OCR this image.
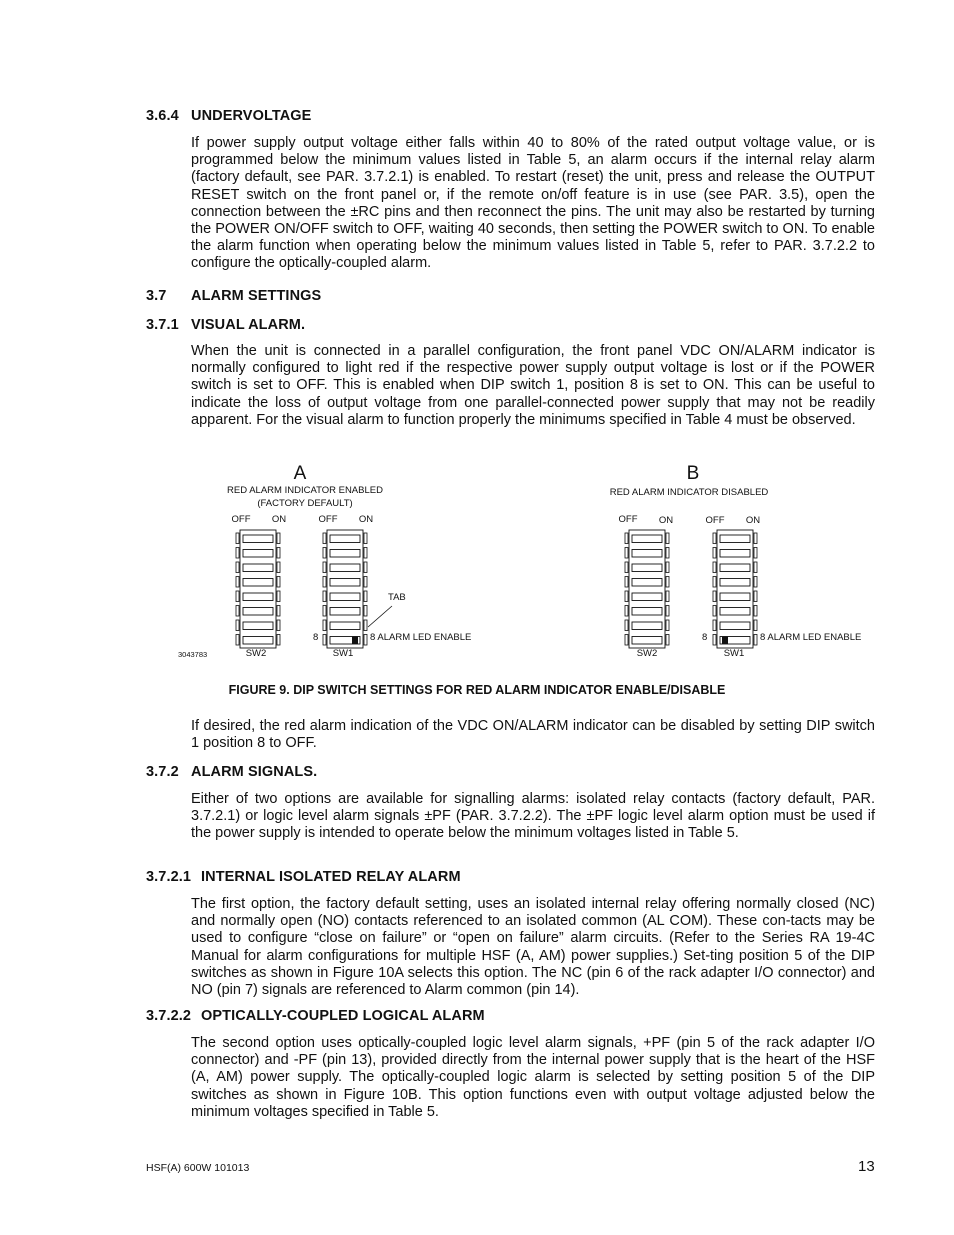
3.6.4 UNDERVOLTAGE

If power supply output voltage either falls within 40 to 80% of the rated output voltage value, or is programmed below the minimum values listed in Table 5, an alarm occurs if the internal relay alarm (factory default, see PAR. 3.7.2.1) is enabled. To restart (reset) the unit, press and release the OUTPUT RESET switch on the front panel or, if the remote on/off feature is in use (see PAR. 3.5), open the connection between the ±RC pins and then reconnect the pins. The unit may also be restarted by turning the POWER ON/OFF switch to OFF, waiting 40 seconds, then setting the POWER switch to ON. To enable the alarm function when operating below the minimum values listed in Table 5, refer to PAR. 3.7.2.2 to configure the optically-coupled alarm.

3.7 ALARM SETTINGS
3.7.1 VISUAL ALARM.

When the unit is connected in a parallel configuration, the front panel VDC ON/ALARM indicator is normally configured to light red if the respective power supply output voltage is lost or if the POWER switch is set to OFF. This is enabled when DIP switch 1, position 8 is set to ON. This can be useful to indicate the loss of output voltage from one parallel-connected power supply that may not be readily apparent. For the visual alarm to function properly the minimums specified in Table 4 must be observed.

A
RED ALARM INDICATOR ENABLED
(FACTORY DEFAULT)
OFF ON	OFF ON
TAB
8	8 ALARM LED ENABLE
3043783	SW2	SW1
B
RED ALARM INDICATOR DISABLED
OFF ON	OFF ON
8	8 ALARM LED ENABLE
SW2	SW1
FIGURE 9. DIP SWITCH SETTINGS FOR RED ALARM INDICATOR ENABLE/DISABLE

If desired, the red alarm indication of the VDC ON/ALARM indicator can be disabled by setting DIP switch 1 position 8 to OFF.

3.7.2 ALARM SIGNALS.

Either of two options are available for signalling alarms: isolated relay contacts (factory default, PAR. 3.7.2.1) or logic level alarm signals ±PF (PAR. 3.7.2.2). The ±PF logic level alarm option must be used if the power supply is intended to operate below the minimum voltages listed in Table 5.

3.7.2.1 INTERNAL ISOLATED RELAY ALARM

The first option, the factory default setting, uses an isolated internal relay offering normally closed (NC) and normally open (NO) contacts referenced to an isolated common (AL COM). These con-tacts may be used to configure “close on failure” or “open on failure” alarm circuits. (Refer to the Series RA 19-4C Manual for alarm configurations for multiple HSF (A, AM) power supplies.) Set-ting position 5 of the DIP switches as shown in Figure 10A selects this option. The NC (pin 6 of the rack adapter I/O connector) and NO (pin 7) signals are referenced to Alarm common (pin 14).

3.7.2.2 OPTICALLY-COUPLED LOGICAL ALARM

The second option uses optically-coupled logic level alarm signals, +PF (pin 5 of the rack adapter I/O connector) and -PF (pin 13), provided directly from the internal power supply that is the heart of the HSF (A, AM) power supply. The optically-coupled logic alarm is selected by setting position 5 of the DIP switches as shown in Figure 10B. This option functions even with output voltage adjusted below the minimum voltages specified in Table 5.

HSF(A) 600W 101013	13
